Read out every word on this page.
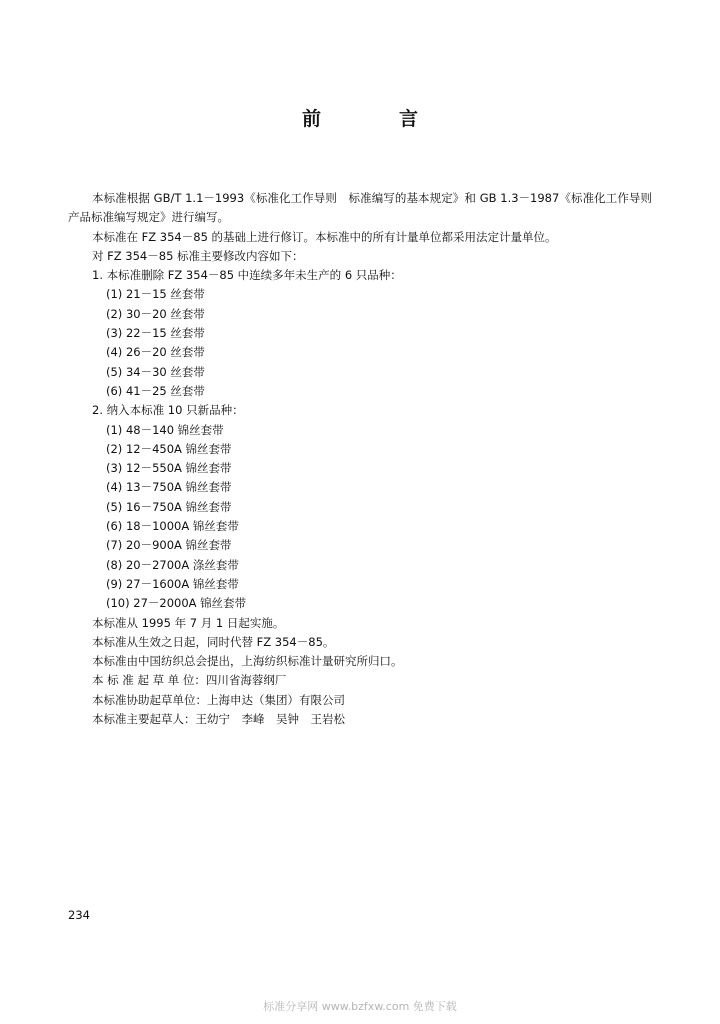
前	言

本标准根据 GB/T 1.1－1993《标准化工作导则　标准编写的基本规定》和 GB 1.3－1987《标准化工作导则　产品标准编写规定》进行编写。

本标准在 FZ 354－85 的基础上进行修订。本标准中的所有计量单位都采用法定计量单位。

对 FZ 354－85 标准主要修改内容如下：

1. 本标准删除 FZ 354－85 中连续多年未生产的 6 只品种：

(1) 21－15 丝套带

(2) 30－20 丝套带

(3) 22－15 丝套带

(4) 26－20 丝套带

(5) 34－30 丝套带

(6) 41－25 丝套带

2. 纳入本标准 10 只新品种：

(1) 48－140 锦丝套带

(2) 12－450A 锦丝套带

(3) 12－550A 锦丝套带

(4) 13－750A 锦丝套带

(5) 16－750A 锦丝套带

(6) 18－1000A 锦丝套带

(7) 20－900A 锦丝套带

(8) 20－2700A 涤丝套带

(9) 27－1600A 锦丝套带

(10) 27－2000A 锦丝套带

本标准从 1995 年 7 月 1 日起实施。

本标准从生效之日起，同时代替 FZ 354－85。

本标准由中国纺织总会提出，上海纺织标准计量研究所归口。

本 标 准 起 草 单 位：四川省海蓉纲厂

本标准协助起草单位：上海申达（集团）有限公司

本标准主要起草人：王幼宁　李峰　吴钟　王岩松

234
标准分享网 www.bzfxw.com 免费下载
